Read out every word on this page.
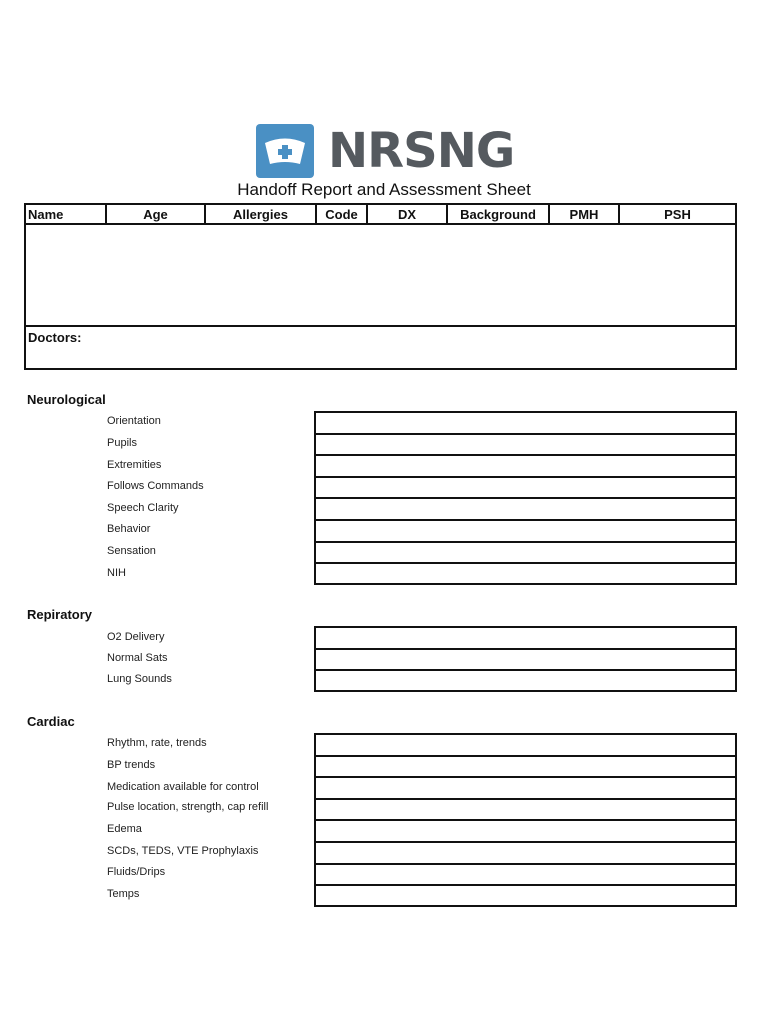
NRSNG
Handoff Report and Assessment Sheet
Name	Age	Allergies	Code	DX	Background	PMH	PSH
Doctors:
Neurological
Orientation
Pupils
Extremities
Follows Commands
Speech Clarity
Behavior
Sensation
NIH
Repiratory
O2 Delivery
Normal Sats
Lung Sounds
Cardiac
Rhythm, rate, trends
BP trends
Medication available for control
Pulse location, strength, cap refill
Edema
SCDs, TEDS, VTE Prophylaxis
Fluids/Drips
Temps
